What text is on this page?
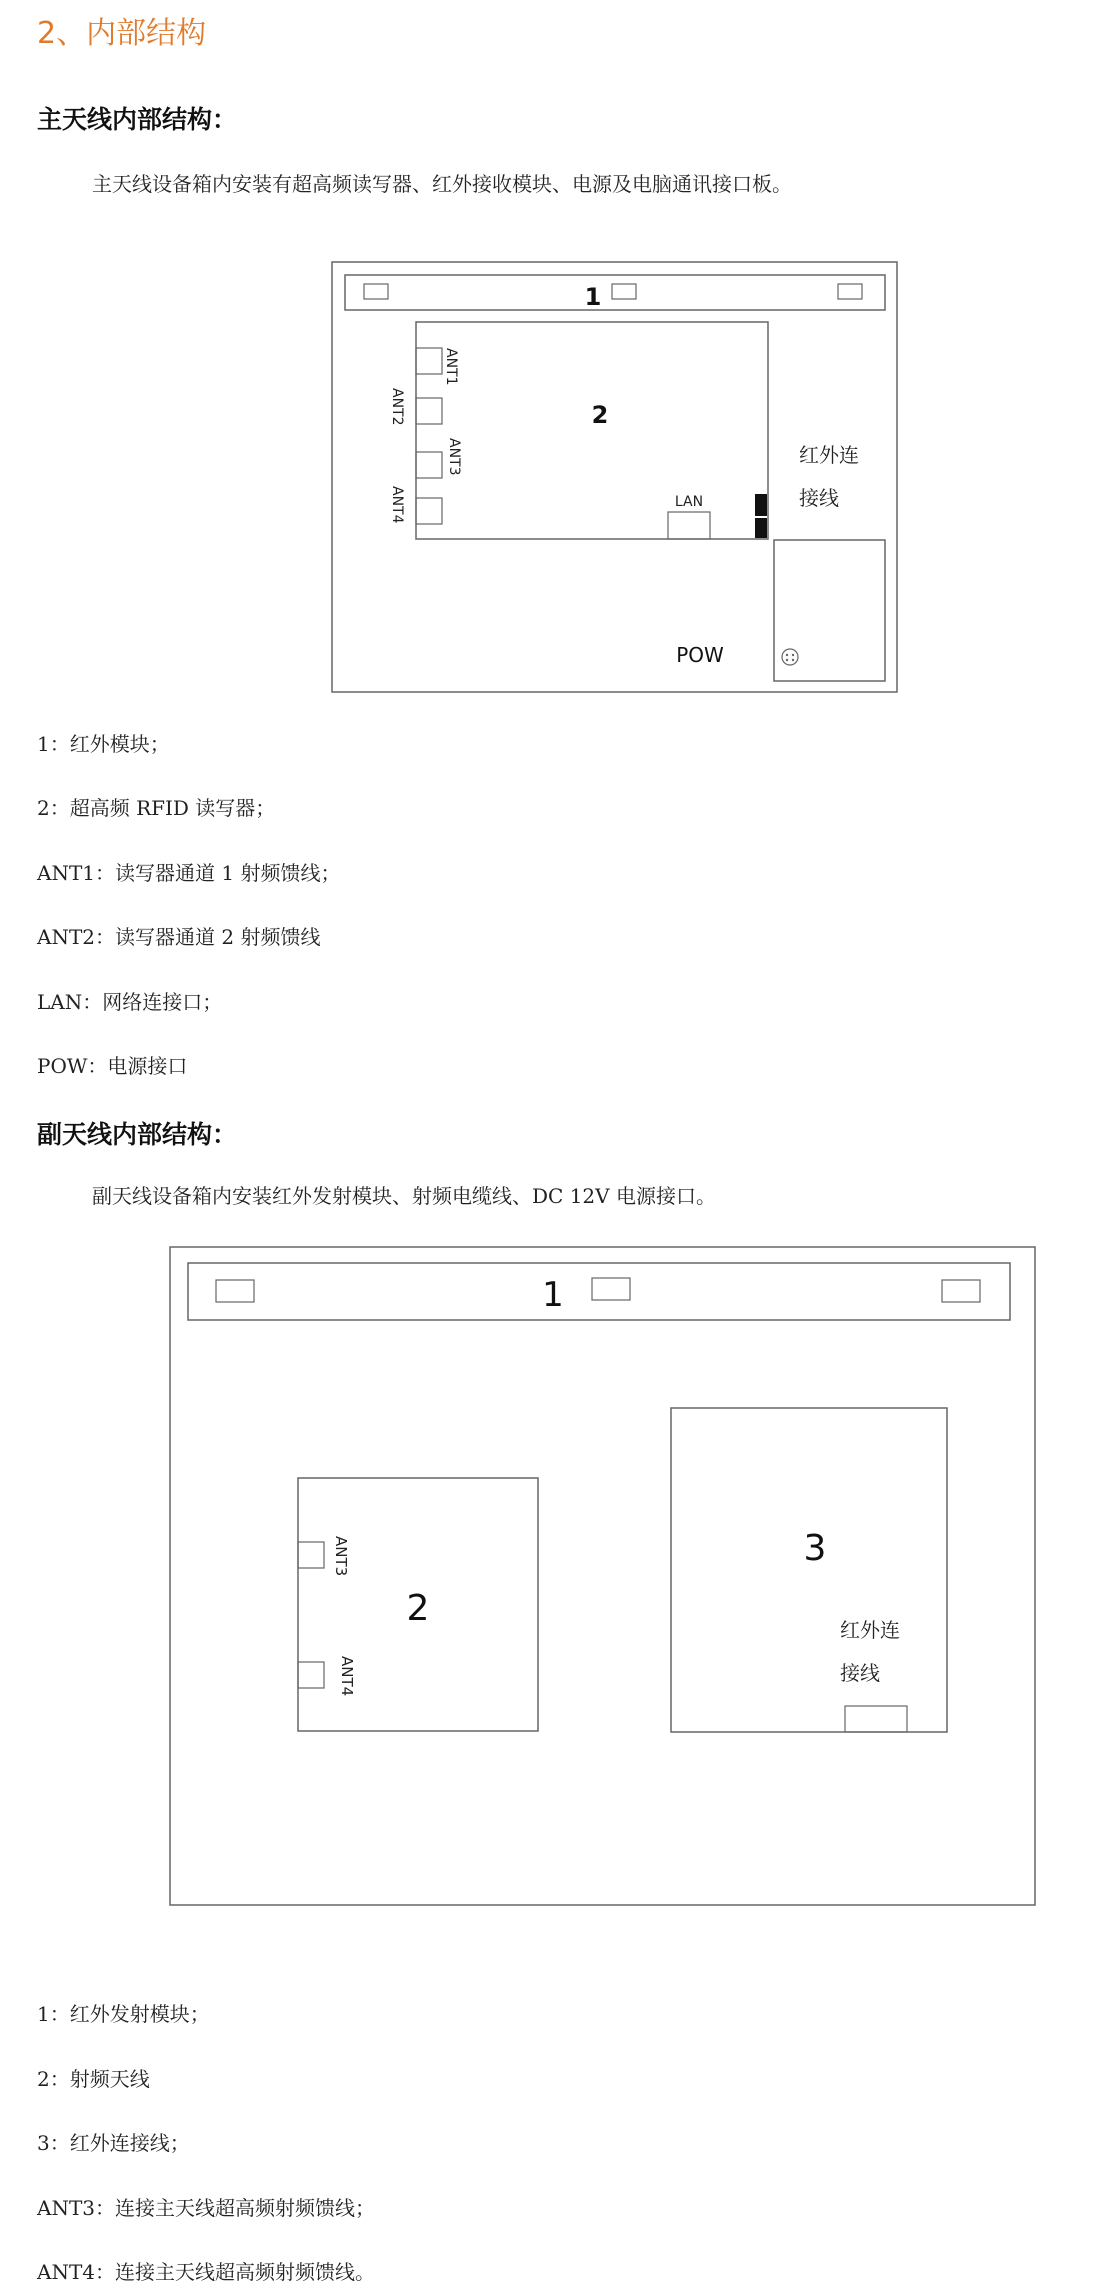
2、内部结构
主天线内部结构：
主天线设备箱内安装有超高频读写器、红外接收模块、电源及电脑通讯接口板。
1
2
ANT1
ANT2
ANT3
ANT4	LAN
红外连
接线
POW
1：红外模块；
2：超高频 RFID 读写器；
ANT1：读写器通道 1 射频馈线；
ANT2：读写器通道 2 射频馈线
LAN：网络连接口；
POW：电源接口
副天线内部结构：
副天线设备箱内安装红外发射模块、射频电缆线、DC 12V 电源接口。
1
2
ANT3
ANT4
3
红外连
接线
1：红外发射模块；
2：射频天线
3：红外连接线；
ANT3：连接主天线超高频射频馈线；
ANT4：连接主天线超高频射频馈线。
